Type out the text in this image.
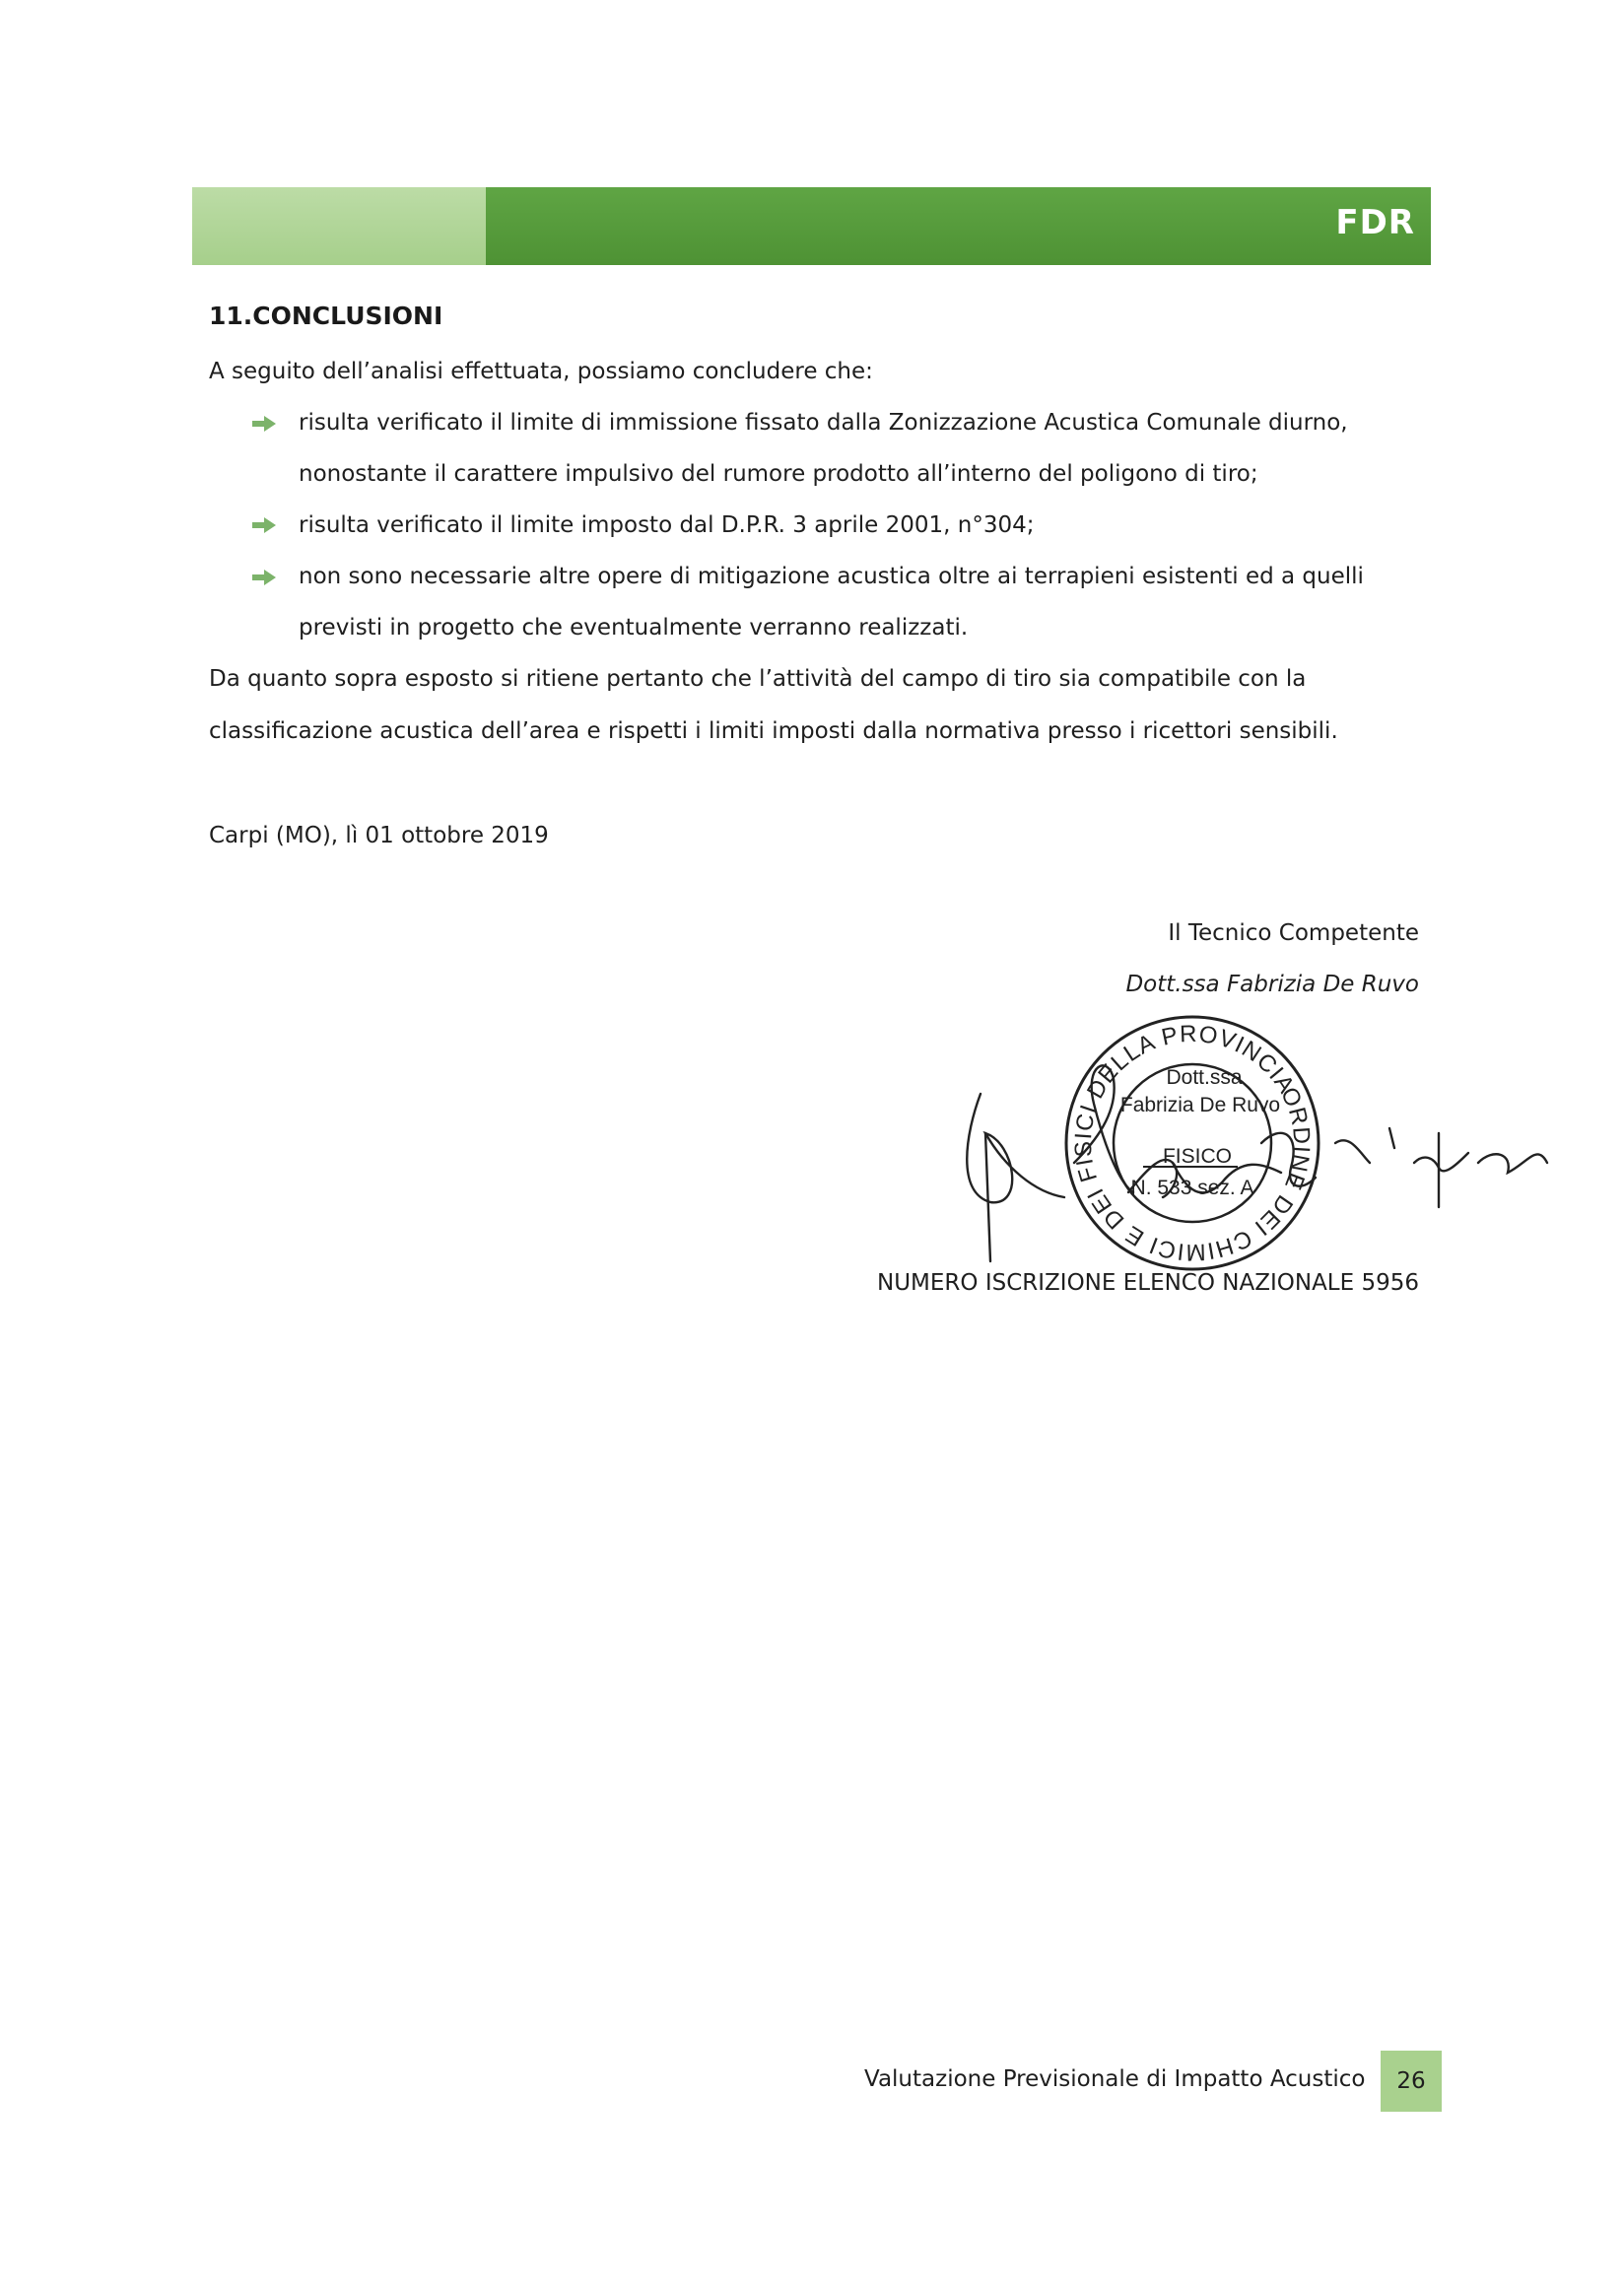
FDR
11.CONCLUSIONI
A seguito dell’analisi effettuata, possiamo concludere che:
risulta verificato il limite di immissione fissato dalla Zonizzazione Acustica Comunale diurno,
nonostante il carattere impulsivo del rumore prodotto all’interno del poligono di tiro;
risulta verificato il limite imposto dal D.P.R. 3 aprile 2001, n°304;
non sono necessarie altre opere di mitigazione acustica oltre ai terrapieni esistenti ed a quelli
previsti in progetto che eventualmente verranno realizzati.
Da quanto sopra esposto si ritiene pertanto che l’attività del campo di tiro sia compatibile con la
classificazione acustica dell’area e rispetti i limiti imposti dalla normativa presso i ricettori sensibili.
Carpi (MO), lì 01 ottobre 2019
Il Tecnico Competente
Dott.ssa Fabrizia De Ruvo
ORDINE DEI CHIMICI E DEI FISICI DELLA PROVINCIA DI MODENA
Dott.ssa
Fabrizia De Ruvo
FISICO
N. 533 sez. A
NUMERO ISCRIZIONE ELENCO NAZIONALE 5956
Valutazione Previsionale di Impatto Acustico 26
